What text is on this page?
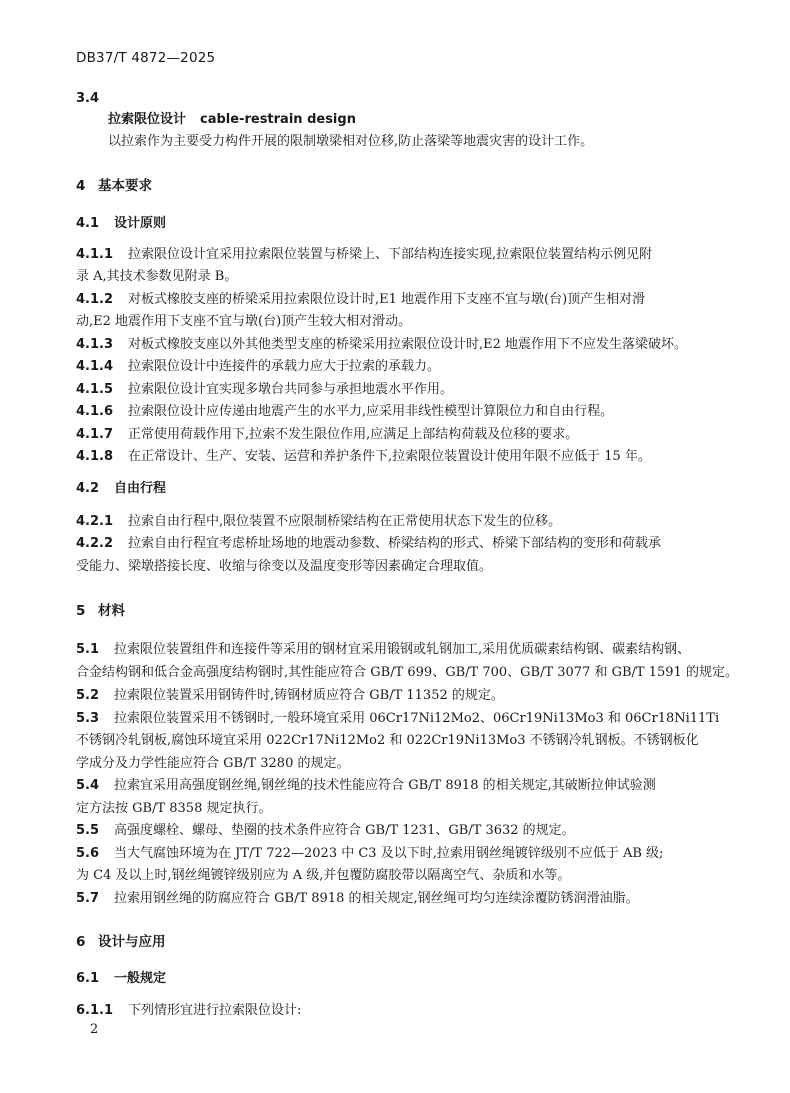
DB37/T 4872—2025
3.4
拉索限位设计 cable-restrain design
以拉索作为主要受力构件开展的限制墩梁相对位移,防止落梁等地震灾害的设计工作。
4 基本要求
4.1 设计原则
4.1.1 拉索限位设计宜采用拉索限位装置与桥梁上、下部结构连接实现,拉索限位装置结构示例见附
录 A,其技术参数见附录 B。
4.1.2 对板式橡胶支座的桥梁采用拉索限位设计时,E1 地震作用下支座不宜与墩(台)顶产生相对滑
动,E2 地震作用下支座不宜与墩(台)顶产生较大相对滑动。
4.1.3 对板式橡胶支座以外其他类型支座的桥梁采用拉索限位设计时,E2 地震作用下不应发生落梁破坏。
4.1.4 拉索限位设计中连接件的承载力应大于拉索的承载力。
4.1.5 拉索限位设计宜实现多墩台共同参与承担地震水平作用。
4.1.6 拉索限位设计应传递由地震产生的水平力,应采用非线性模型计算限位力和自由行程。
4.1.7 正常使用荷载作用下,拉索不发生限位作用,应满足上部结构荷载及位移的要求。
4.1.8 在正常设计、生产、安装、运营和养护条件下,拉索限位装置设计使用年限不应低于 15 年。
4.2 自由行程
4.2.1 拉索自由行程中,限位装置不应限制桥梁结构在正常使用状态下发生的位移。
4.2.2 拉索自由行程宜考虑桥址场地的地震动参数、桥梁结构的形式、桥梁下部结构的变形和荷载承
受能力、梁墩搭接长度、收缩与徐变以及温度变形等因素确定合理取值。
5 材料
5.1 拉索限位装置组件和连接件等采用的钢材宜采用锻钢或轧钢加工,采用优质碳素结构钢、碳素结构钢、
合金结构钢和低合金高强度结构钢时,其性能应符合 GB/T 699、GB/T 700、GB/T 3077 和 GB/T 1591 的规定。
5.2 拉索限位装置采用钢铸件时,铸钢材质应符合 GB/T 11352 的规定。
5.3 拉索限位装置采用不锈钢时,一般环境宜采用 06Cr17Ni12Mo2、06Cr19Ni13Mo3 和 06Cr18Ni11Ti
不锈钢冷轧钢板,腐蚀环境宜采用 022Cr17Ni12Mo2 和 022Cr19Ni13Mo3 不锈钢冷轧钢板。不锈钢板化
学成分及力学性能应符合 GB/T 3280 的规定。
5.4 拉索宜采用高强度钢丝绳,钢丝绳的技术性能应符合 GB/T 8918 的相关规定,其破断拉伸试验测
定方法按 GB/T 8358 规定执行。
5.5 高强度螺栓、螺母、垫圈的技术条件应符合 GB/T 1231、GB/T 3632 的规定。
5.6 当大气腐蚀环境为在 JT/T 722—2023 中 C3 及以下时,拉索用钢丝绳镀锌级别不应低于 AB 级;
为 C4 及以上时,钢丝绳镀锌级别应为 A 级,并包覆防腐胶带以隔离空气、杂质和水等。
5.7 拉索用钢丝绳的防腐应符合 GB/T 8918 的相关规定,钢丝绳可均匀连续涂覆防锈润滑油脂。
6 设计与应用
6.1 一般规定
6.1.1 下列情形宜进行拉索限位设计:
2
